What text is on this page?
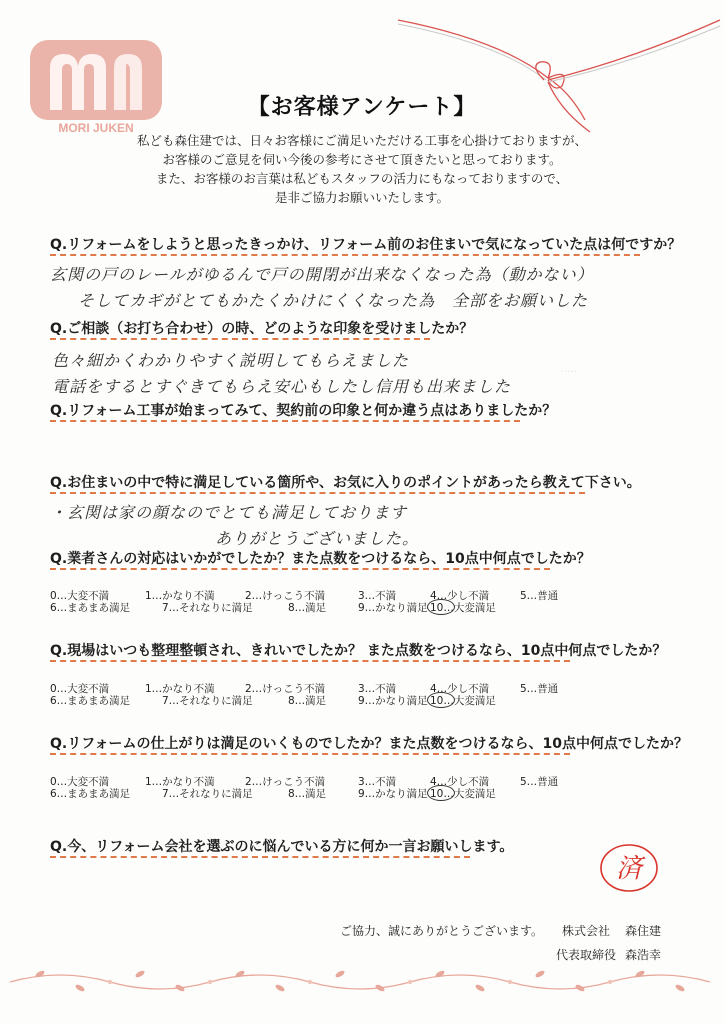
MORI JUKEN
【お客様アンケート】
私ども森住建では、日々お客様にご満足いただける工事を心掛けておりますが、
お客様のご意見を伺い今後の参考にさせて頂きたいと思っております。
また、お客様のお言葉は私どもスタッフの活力にもなっておりますので、
是非ご協力お願いいたします。
·····
Q.リフォームをしようと思ったきっかけ、リフォーム前のお住まいで気になっていた点は何ですか？
玄関の戸のレールがゆるんで戸の開閉が出来なくなった為（動かない）
そしてカギがとてもかたくかけにくくなった為　全部をお願いした
Q.ご相談（お打ち合わせ）の時、どのような印象を受けましたか？
色々細かくわかりやすく説明してもらえました
電話をするとすぐきてもらえ安心もしたし信用も出来ました
Q.リフォーム工事が始まってみて、契約前の印象と何か違う点はありましたか？
Q.お住まいの中で特に満足している箇所や、お気に入りのポイントがあったら教えて下さい。
・玄関は家の顔なのでとても満足しております
ありがとうございました。
Q.業者さんの対応はいかがでしたか？また点数をつけるなら、10点中何点でしたか？
0…大変不満	1…かなり不満	2…けっこう不満	3…不満	4…少し不満	5…普通
6…まあまあ満足	7…それなりに満足	8…満足	9…かなり満足 10…大変満足
Q.現場はいつも整理整頓され、きれいでしたか？ また点数をつけるなら、10点中何点でしたか？
0…大変不満	1…かなり不満	2…けっこう不満	3…不満	4…少し不満	5…普通
6…まあまあ満足	7…それなりに満足	8…満足	9…かなり満足 10…大変満足
Q.リフォームの仕上がりは満足のいくものでしたか？また点数をつけるなら、10点中何点でしたか？
0…大変不満	1…かなり不満	2…けっこう不満	3…不満	4…少し不満	5…普通
6…まあまあ満足	7…それなりに満足	8…満足	9…かなり満足 10…大変満足
Q.今、リフォーム会社を選ぶのに悩んでいる方に何か一言お願いします。
済
ご協力、誠にありがとうございます。 株式会社 森住建
代表取締役 森浩幸
